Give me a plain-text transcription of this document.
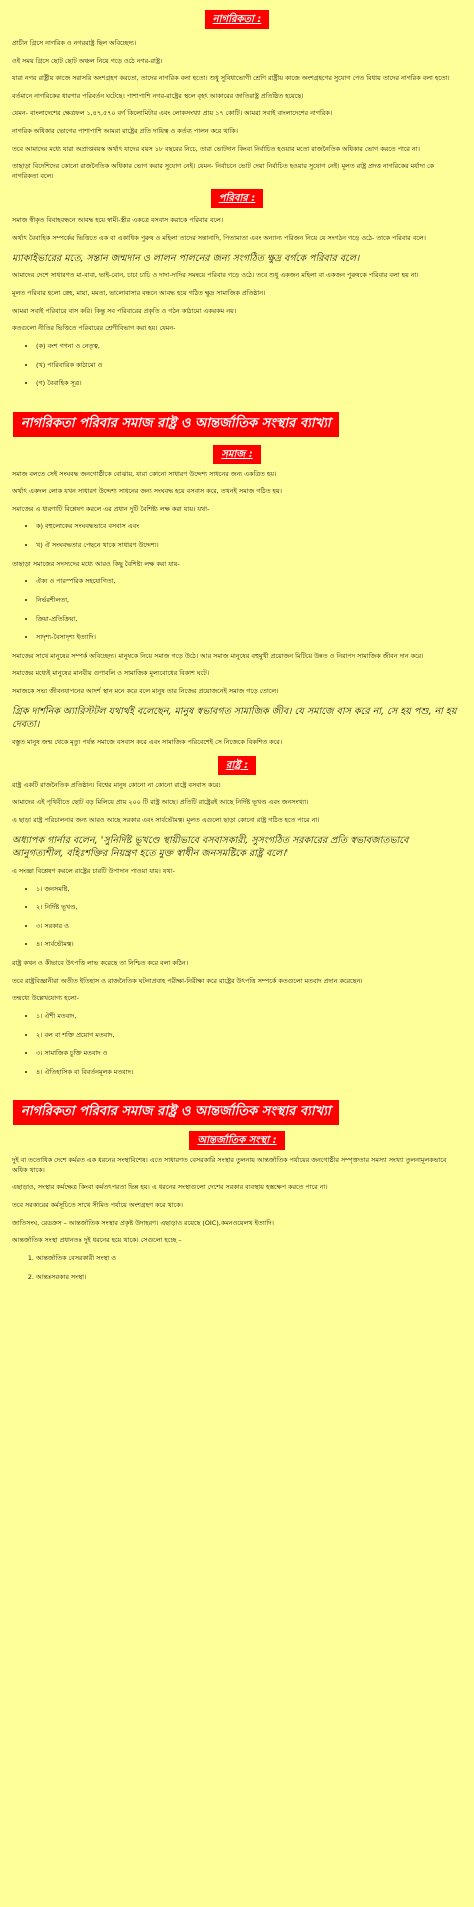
নাগরিকতা :

প্রাচীন গ্রিসে নাগরিক ও নগররাষ্ট্র ছিল অবিচ্ছেদ্য।

ওই সময় গ্রিসে ছোট ছোট অঞ্চল নিয়ে গড়ে ওঠে নগর-রাষ্ট্র।

যারা নগর রাষ্ট্রীয় কাজে সরাসরি অংশগ্রহণ করতো, তাদের নাগরিক বলা হতো। শুধু সুবিধাভোগী শ্রেণি রাষ্ট্রীয় কাজে অংশগ্রহণের সুযোগ পেত বিধায় তাদের নাগরিক বলা হতো।

বর্তমানে নাগরিকের ধারণার পরিবর্তন ঘটেছে। পাশাপাশি নগর-রাষ্ট্রের স্থলে বৃহৎ আকারের জাতিরাষ্ট্র প্রতিষ্ঠিত হয়েছে।

যেমন- বাংলাদেশের ক্ষেত্রফল ১,৪৭,৫৭০ বর্গ কিলোমিটার এবং লোকসংখ্যা প্রায় ১৭ কোটি। আমরা সবাই বাংলাদেশের নাগরিক।

নাগরিক অধিকার ভোগের পাশাপাশি আমরা রাষ্ট্রের প্রতি দায়িত্ব ও কর্তব্য পালন করে থাকি।

তবে আমাদের মধ্যে যারা অপ্রাপ্তবয়স্ক অর্থাৎ যাদের বয়স ১৮ বছরের নিচে, তারা ভোটদান কিংবা নির্বাচিত হওয়ার মতো রাজনৈতিক অধিকার ভোগ করতে পারে না।

তাছাড়া বিদেশিদের কোনো রাজনৈতিক অধিকার ভোগ করার সুযোগ নেই। যেমন- নির্বাচনে ভোট দেয়া নির্বাচিত হওয়ার সুযোগ নেই। মূলত রাষ্ট্র প্রদত্ত নাগরিকের মর্যাদা কে নাগরিকতা বলে।

পরিবার :

সমাজ স্বীকৃত বিবাহবন্ধনে আবদ্ধ হয়ে স্বামী-স্ত্রীর একত্রে বসবাস করাকে পরিবার বলে।

অর্থাৎ বৈবাহিক সম্পর্কের ভিত্তিতে এক বা একাধিক পুরুষ ও মহিলা তাদের সন্তানাদি, পিতামাতা এবং অন্যান্য পরিজন নিয়ে যে সংগঠন গড়ে ওঠে- তাকে পরিবার বলে।

ম্যাকাইভারের মতে, সন্তান জন্মদান ও লালন পালনের জন্য সংগঠিত ক্ষুদ্র বর্গকে পরিবার বলে।

আমাদের দেশে সাধারণত মা-বাবা, ভাই-বোন, চাচা চাচি ও দাদা-দাদির সমন্বয়ে পরিবার গড়ে ওঠে। তবে শুধু একজন মহিলা বা একজন পুরুষকে পরিবার বলা হয় না।

মূলত পরিবার হলো স্নেহ, মায়া, মমতা, ভালোবাসার বন্ধনে আবদ্ধ হয়ে গঠিত ক্ষুদ্র সামাজিক প্রতিষ্ঠান।

আমরা সবাই পরিবারে বাস করি। কিন্তু সব পরিবারের প্রকৃতি ও গঠন কাঠামো একরকম নয়।

কতগুলো নীতির ভিত্তিতে পরিবারের শ্রেণীবিভাগ করা হয়। যেমন-

• (ক) বংশ গণনা ও নেতৃত্ব,
• (খ) পারিবারিক কাঠামো ও
• (গ) বৈবাহিক সূত্র।
নাগরিকতা পরিবার সমাজ রাষ্ট্র ও আন্তর্জাতিক সংস্থার ব্যাখ্যা
সমাজ :

সমাজ বলতে সেই সংঘবদ্ধ জনগোষ্ঠীকে বোঝায়, যারা কোনো সাধারণ উদ্দেশ্য সাধনের জন্য একত্রিত হয়।

অর্থাৎ একদল লোক যখন সাধারণ উদ্দেশ্য সাধনের জন্য সংঘবদ্ধ হয়ে বসবাস করে, তখনই সমাজ গঠিত হয়।

সমাজের এ ধারণাটি বিশ্লেষণ করলে এর প্রধান দুটি বৈশিষ্ট্য লক্ষ করা যায়। যথা-

• ক) বহুলোকের সংঘবদ্ধভাবে বসবাস এবং
• খ) ঐ সংঘবদ্ধতার পেছনে থাকে সাধারণ উদ্দেশ্য।

তাছাড়া সমাজের সদস্যদের মধ্যে আরও কিছু বৈশিষ্ট্য লক্ষ করা যায়-

• ঐক্য ও পারস্পরিক সহযোগিতা,
• নির্ভরশীলতা,
• ক্রিয়া-প্রতিক্রিয়া,
• সাদৃশ্য-বৈসাদৃশ্য ইত্যাদি।

সমাজের সাথে মানুষের সম্পর্ক অবিচ্ছেদ্য। মানুষকে নিয়ে সমাজ গড়ে উঠে। আর সমাজ মানুষের বহুমুখী প্রয়োজন মিটিয়ে উন্নত ও নিরাপদ সামাজিক জীবন দান করে।

সমাজের মধ্যেই মানুষের মানবীয় গুণাবলি ও সামাজিক মূল্যবোধের বিকাশ ঘটে।

সমাজকে সভ্য জীবনযাপনের আদর্শ স্থান মনে করে বলে মানুষ তার নিজের প্রয়োজনেই সমাজ গড়ে তোলে।

গ্রিক দার্শনিক অ্যারিস্টটল যথার্থই বলেছেন, মানুষ স্বভাবগত সামাজিক জীব। যে সমাজে বাস করে না, সে হয় পশু, না হয় দেবতা।

বস্তুত মানুষ জন্ম থেকে মৃত্যু পর্যন্ত সমাজে বসবাস করে এবং সামাজিক পরিবেশেই সে নিজেকে বিকশিত করে।

রাষ্ট্র :

রাষ্ট্র একটি রাজনৈতিক প্রতিষ্ঠান। বিশ্বের মানুষ কোনো না কোনো রাষ্ট্রে বসবাস করে।

আমাদের এই পৃথিবীতে ছোট বড় মিলিয়ে প্রায় ২০০ টি রাষ্ট্র আছে। প্রতিটি রাষ্ট্রেরই আছে নির্দিষ্ট ভূখণ্ড এবং জনসংখ্যা।

এ ছাড়া রাষ্ট্র পরিচালনার জন্য আরও আছে সরকার এবং সার্বভৌমত্ব। মূলত এগুলো ছাড়া কোনো রাষ্ট্র গঠিত হতে পারে না।

অধ্যাপক গার্নার বলেন, 'সুনির্দিষ্ট ভূখণ্ডে স্থায়ীভাবে বসবাসকারী, সুসংগঠিত সরকারের প্রতি স্বভাবজাতভাবে আনুগত্যশীল, বহিঃশক্তির নিয়ন্ত্রণ হতে মুক্ত স্বাধীন জনসমষ্টিকে রাষ্ট্র বলে।'

এ সংজ্ঞা বিশ্লেষণ করলে রাষ্ট্রের চারটি উপাদান পাওয়া যায়। যথা-

• ১। জনসমষ্টি,
• ২। নির্দিষ্ট ভূখণ্ড,
• ৩। সরকার ও
• ৪। সার্বভৌমত্ব।

রাষ্ট্র কখন ও কীভাবে উৎপত্তি লাভ করেছে তা নিশ্চিত করে বলা কঠিন।

তবে রাষ্ট্রবিজ্ঞানীরা অতীত ইতিহাস ও রাজনৈতিক ঘটনাপ্রবাহ পরীক্ষা-নিরীক্ষা করে রাষ্ট্রের উৎপত্তি সম্পর্কে কতগুলো মতবাদ প্রদান করেছেন।

তন্মধ্যে উল্লেখযোগ্য হলো-

• ১। ঐশী মতবাদ,
• ২। বল বা শক্তি প্রয়োগ মতবাদ,
• ৩। সামাজিক চুক্তি মতবাদ ও
• ৪। ঐতিহাসিক বা বিবর্তনমূলক মতবাদ।
নাগরিকতা পরিবার সমাজ রাষ্ট্র ও আন্তর্জাতিক সংস্থার ব্যাখ্যা
আন্তর্জাতিক সংস্থা :

দুই বা ততোধিক দেশে কর্মরত এক ধরনের সংস্থাবিশেষ। এতে সাধারণত বেসরকারি সংস্থার তুলনায় আন্তর্জাতিক পর্যায়ের জনগোষ্ঠীর সম্পৃক্ততার সমস্যা সংখ্যা তুলনামূলকভাবে অধিক থাকে।

এছাড়াও, সংস্থার কর্মক্ষেত্র কিংবা কর্মতৎপরতা ভিন্ন হয়। এ ধরনের সংস্থাগুলো দেশের সরকার ব্যবস্থায় হস্তক্ষেপ করতে পারে না।

তবে সরকারের কর্মসূচিতে সাথে সীমিত পর্যায়ে অংশগ্রহণ করে থাকে।

জাতিসংঘ, রেডক্রস – আন্তর্জাতিক সংস্থার প্রকৃষ্ট উদাহরণ। এছাড়াও রয়েছে (OIC),কমনওয়েলথ ইত্যাদি।

আন্তর্জাতিক সংস্থা প্রধানতঃ দুই ধরনের হয়ে থাকে। সেগুলো হচ্ছে –

1. আন্তর্জাতিক বেসরকারী সংস্থা ও
2. আন্তঃসরকার সংস্থা।
